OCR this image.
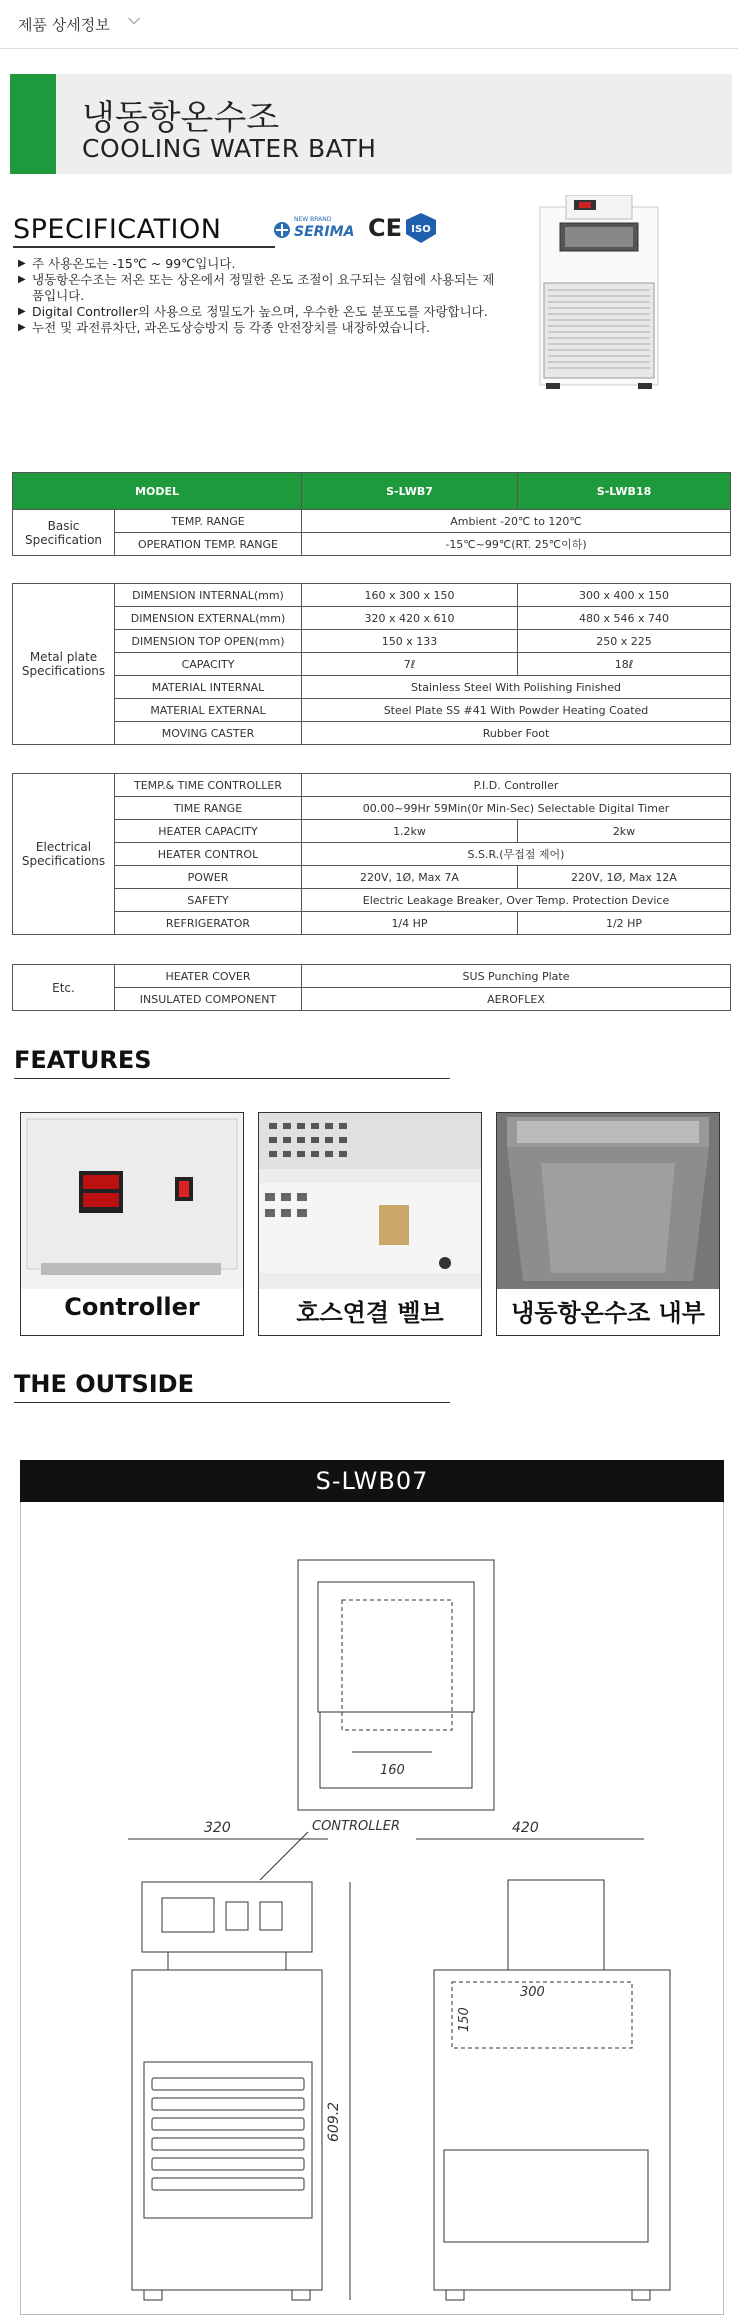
제품 상세정보 ⌵
냉동항온수조
COOLING WATER BATH
SPECIFICATION	NEW BRAND
SERIMA CE ISO
▶ 주 사용온도는 -15℃ ~ 99℃입니다.
▶ 냉동항온수조는 저온 또는 상온에서 정밀한 온도 조절이 요구되는 실험에 사용되는 제품입니다.
▶ Digital Controller의 사용으로 정밀도가 높으며, 우수한 온도 분포도를 자랑합니다.
▶ 누전 및 과전류차단, 과온도상승방지 등 각종 안전장치를 내장하였습니다.
MODEL		S-LWB7	S-LWB18
Basic Specification	TEMP. RANGE	Ambient -20℃ to 120℃	
	OPERATION TEMP. RANGE	-15℃~99℃(RT. 25℃이하)	
Metal plate Specifications	DIMENSION INTERNAL(mm)	160 x 300 x 150	300 x 400 x 150
	DIMENSION EXTERNAL(mm)	320 x 420 x 610	480 x 546 x 740
	DIMENSION TOP OPEN(mm)	150 x 133	250 x 225
	CAPACITY	7ℓ	18ℓ
	MATERIAL INTERNAL	Stainless Steel With Polishing Finished	
	MATERIAL EXTERNAL	Steel Plate SS #41 With Powder Heating Coated	
	MOVING CASTER	Rubber Foot	
Electrical Specifications	TEMP.& TIME CONTROLLER	P.I.D. Controller	
	TIME RANGE	00.00~99Hr 59Min(0r Min-Sec) Selectable Digital Timer	
	HEATER CAPACITY	1.2kw	2kw
	HEATER CONTROL	S.S.R.(무접점 제어)	
	POWER	220V, 1Ø, Max 7A	220V, 1Ø, Max 12A
	SAFETY	Electric Leakage Breaker, Over Temp. Protection Device	
	REFRIGERATOR	1/4 HP	1/2 HP
Etc.	HEATER COVER	SUS Punching Plate
	INSULATED COMPONENT	AEROFLEX
FEATURES
Controller	호스연결 벨브	냉동항온수조 내부
THE OUTSIDE
S-LWB07
160
320	CONTROLLER
609.2
420
300
150
